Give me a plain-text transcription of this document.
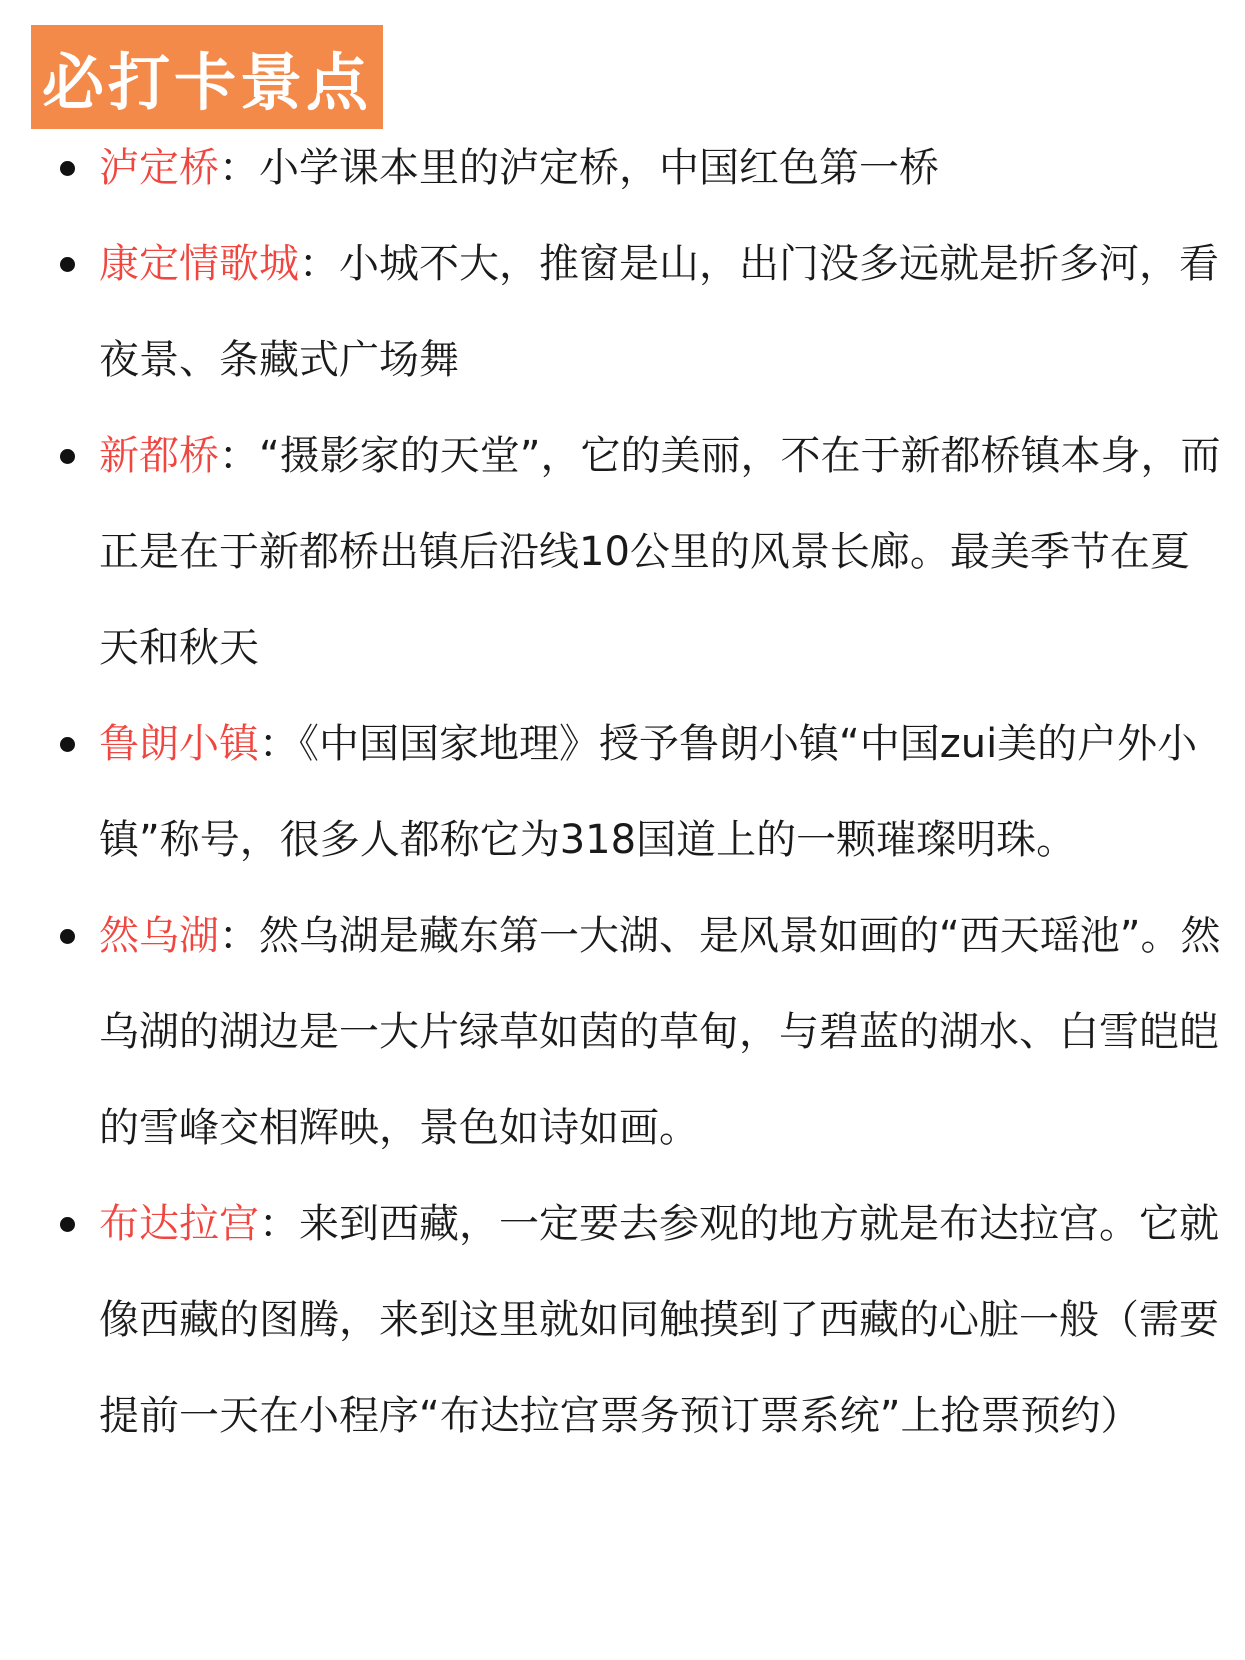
必打卡景点
泸定桥：小学课本里的泸定桥，中国红色第一桥
康定情歌城：小城不大，推窗是山，出门没多远就是折多河，看夜景、条藏式广场舞
新都桥：“摄影家的天堂”，它的美丽，不在于新都桥镇本身，而正是在于新都桥出镇后沿线10公里的风景长廊。最美季节在夏天和秋天
鲁朗小镇：《中国国家地理》授予鲁朗小镇“中国zui美的户外小镇”称号，很多人都称它为318国道上的一颗璀璨明珠。
然乌湖：然乌湖是藏东第一大湖、是风景如画的“西天瑶池”。然乌湖的湖边是一大片绿草如茵的草甸，与碧蓝的湖水、白雪皑皑的雪峰交相辉映，景色如诗如画。
布达拉宫：来到西藏，一定要去参观的地方就是布达拉宫。它就像西藏的图腾，来到这里就如同触摸到了西藏的心脏一般（需要提前一天在小程序“布达拉宫票务预订票系统”上抢票预约）
